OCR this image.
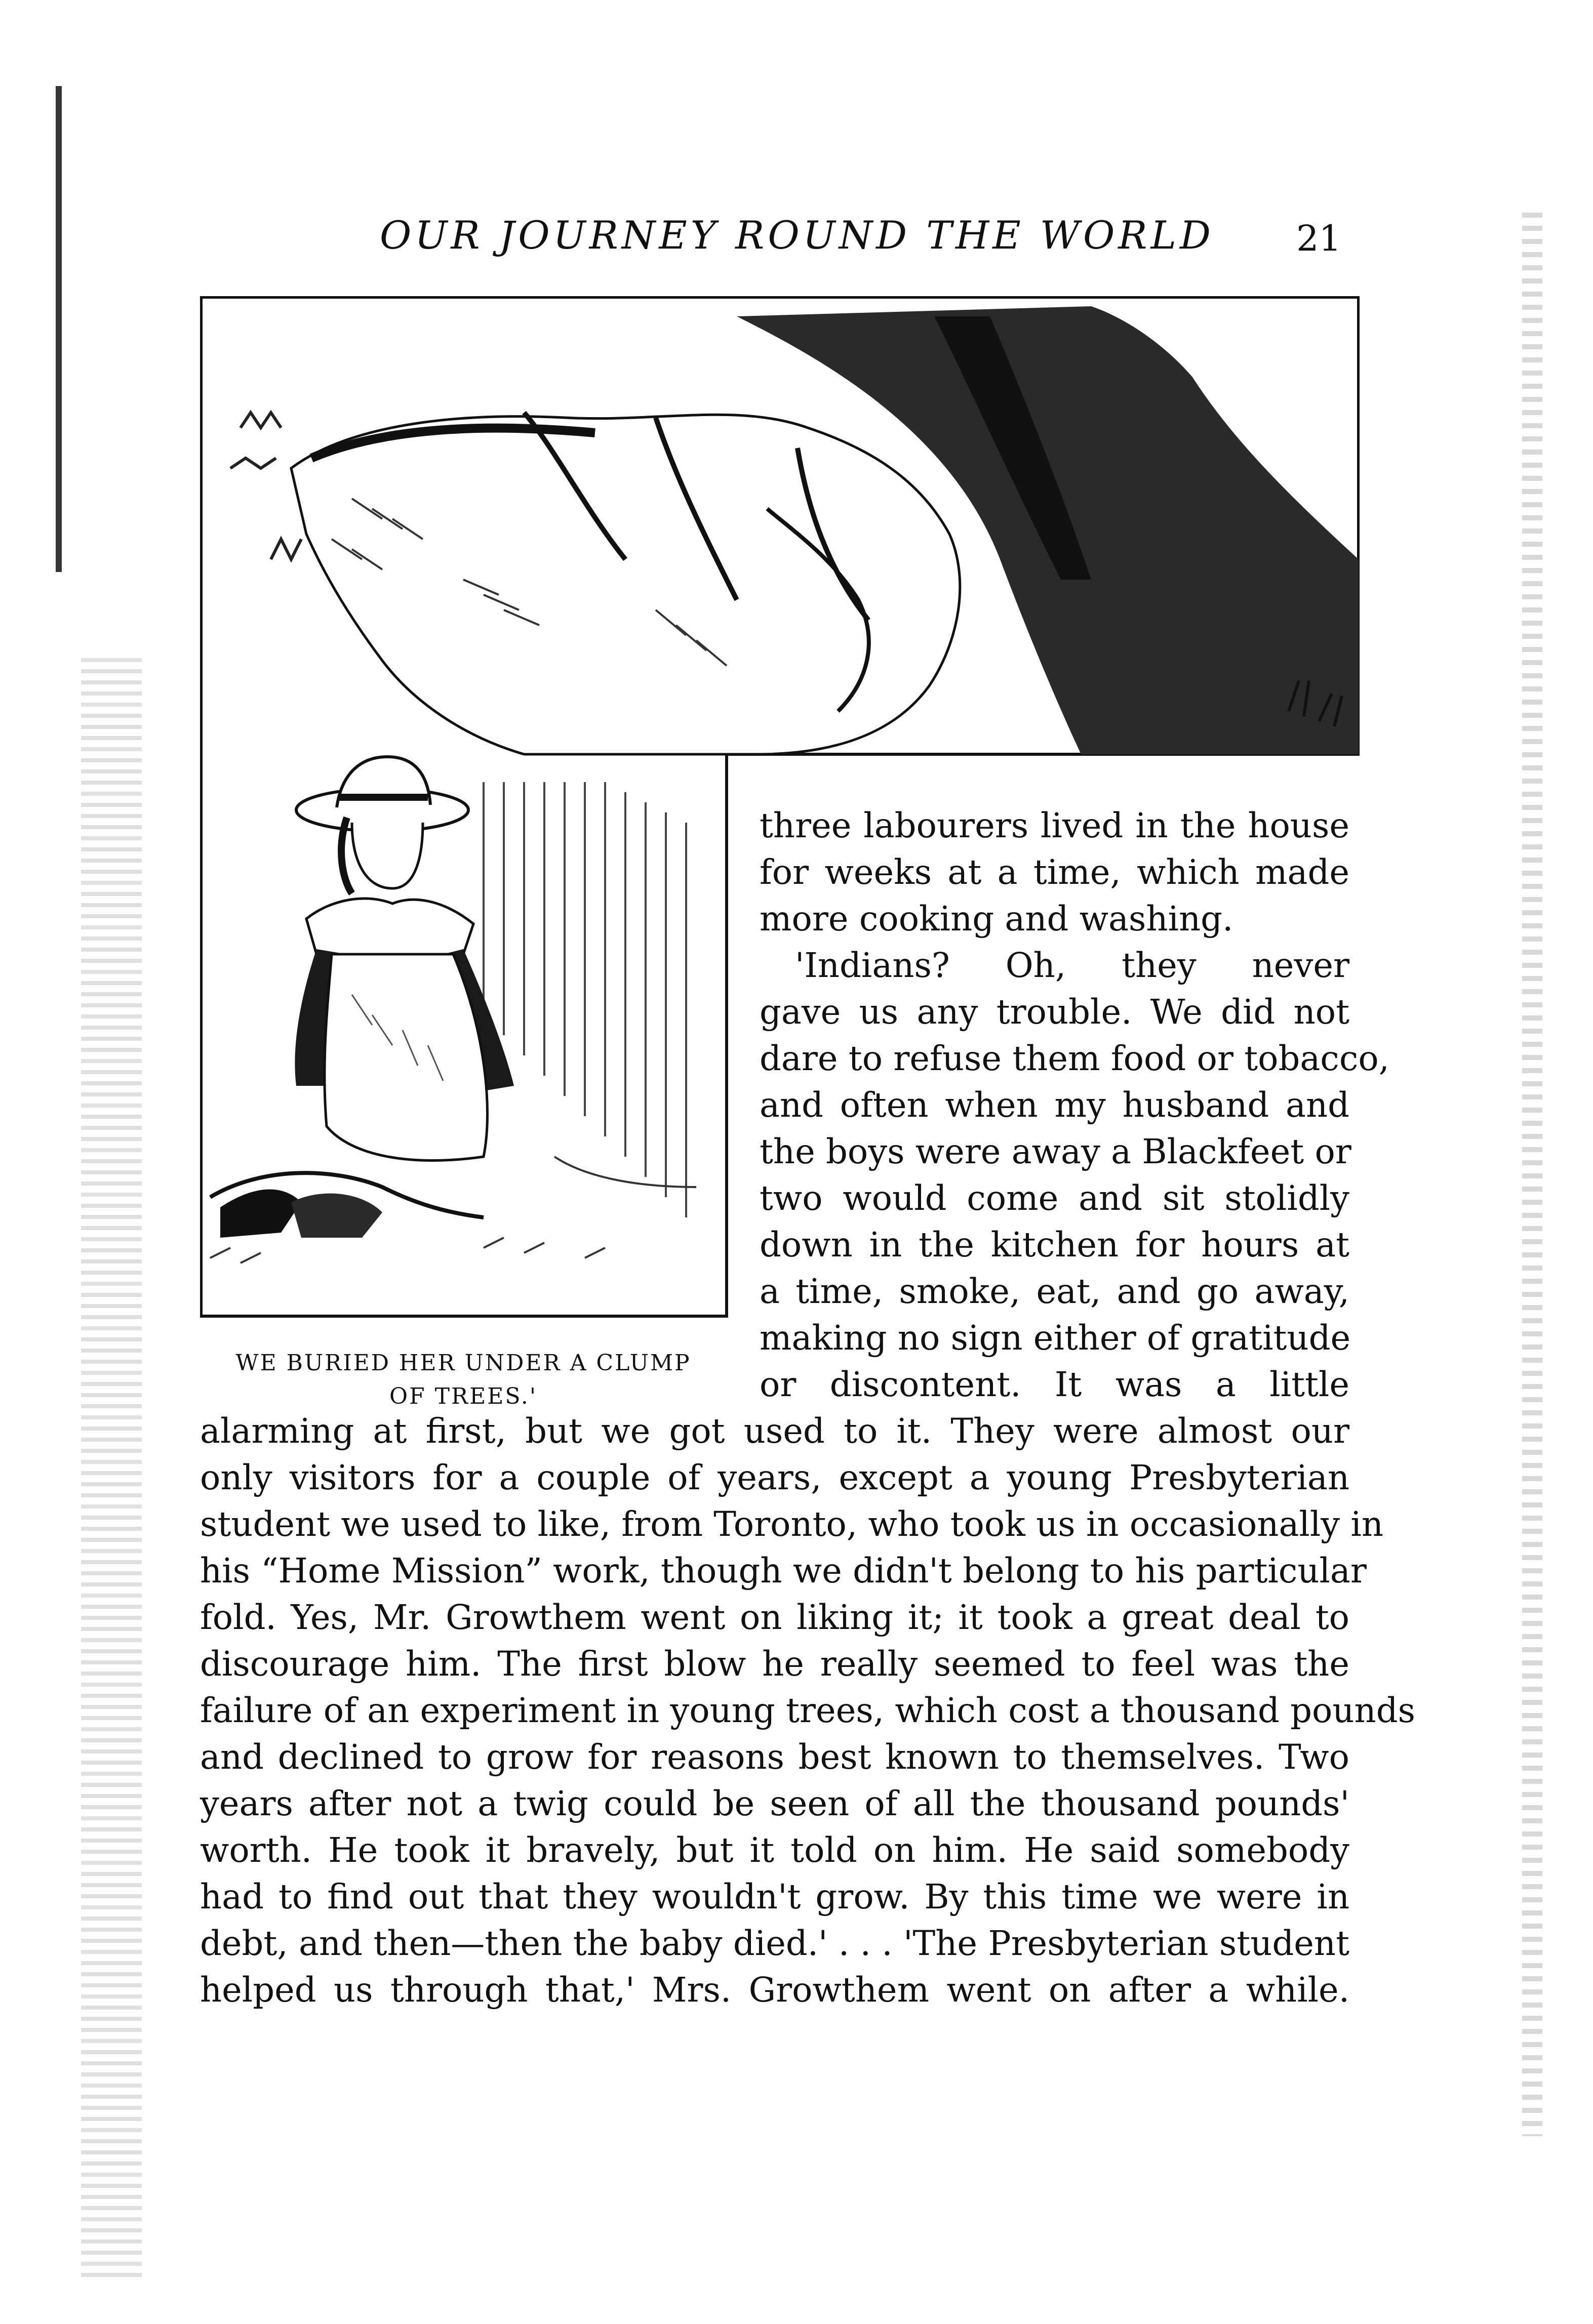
OUR JOURNEY ROUND THE WORLD 21
WE BURIED HER UNDER A CLUMP
OF TREES.'
three labourers lived in the house
for weeks at a time, which made
more cooking and washing.
'Indians? Oh, they never
gave us any trouble. We did not
dare to refuse them food or tobacco,
and often when my husband and
the boys were away a Blackfeet or
two would come and sit stolidly
down in the kitchen for hours at
a time, smoke, eat, and go away,
making no sign either of gratitude
or discontent. It was a little
alarming at first, but we got used to it. They were almost our
only visitors for a couple of years, except a young Presbyterian
student we used to like, from Toronto, who took us in occasionally in
his “Home Mission” work, though we didn't belong to his particular
fold. Yes, Mr. Growthem went on liking it; it took a great deal to
discourage him. The first blow he really seemed to feel was the
failure of an experiment in young trees, which cost a thousand pounds
and declined to grow for reasons best known to themselves. Two
years after not a twig could be seen of all the thousand pounds'
worth. He took it bravely, but it told on him. He said somebody
had to find out that they wouldn't grow. By this time we were in
debt, and then—then the baby died.' . . . 'The Presbyterian student
helped us through that,' Mrs. Growthem went on after a while.
